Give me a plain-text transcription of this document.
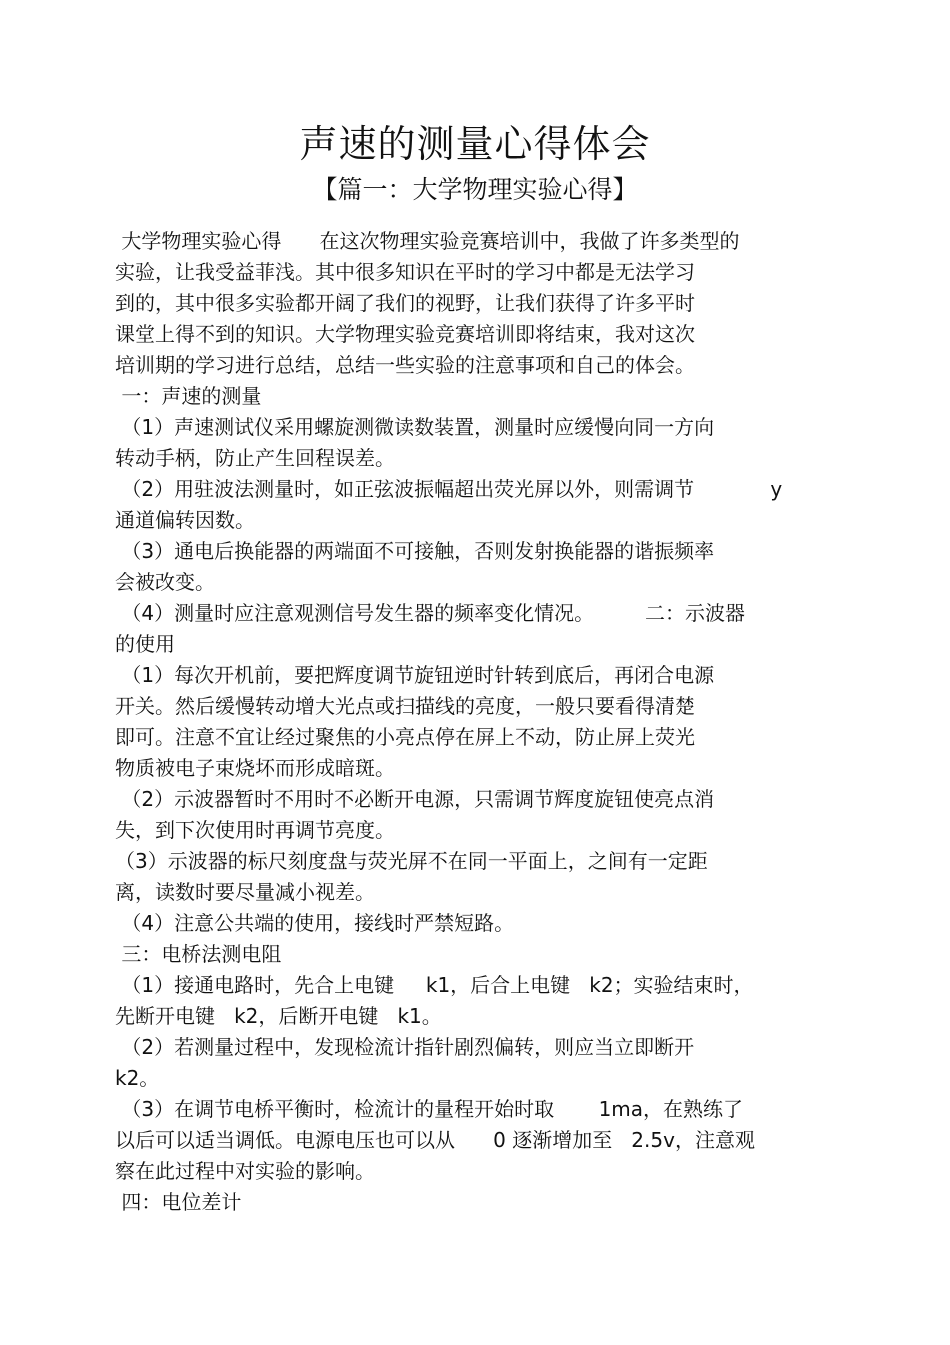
声速的测量心得体会
【篇一：大学物理实验心得】
大学物理实验心得      在这次物理实验竞赛培训中，我做了许多类型的
实验，让我受益菲浅。其中很多知识在平时的学习中都是无法学习
到的，其中很多实验都开阔了我们的视野，让我们获得了许多平时
课堂上得不到的知识。大学物理实验竞赛培训即将结束，我对这次
培训期的学习进行总结，总结一些实验的注意事项和自己的体会。
一：声速的测量
（1）声速测试仪采用螺旋测微读数装置，测量时应缓慢向同一方向
转动手柄，防止产生回程误差。
（2）用驻波法测量时，如正弦波振幅超出荧光屏以外，则需调节            y
通道偏转因数。
（3）通电后换能器的两端面不可接触，否则发射换能器的谐振频率
会被改变。
（4）测量时应注意观测信号发生器的频率变化情况。        二：示波器
的使用
（1）每次开机前，要把辉度调节旋钮逆时针转到底后，再闭合电源
开关。然后缓慢转动增大光点或扫描线的亮度，一般只要看得清楚
即可。注意不宜让经过聚焦的小亮点停在屏上不动，防止屏上荧光
物质被电子束烧坏而形成暗斑。
（2）示波器暂时不用时不必断开电源，只需调节辉度旋钮使亮点消
失，到下次使用时再调节亮度。
（3）示波器的标尺刻度盘与荧光屏不在同一平面上，之间有一定距
离，读数时要尽量减小视差。
（4）注意公共端的使用，接线时严禁短路。
三：电桥法测电阻
（1）接通电路时，先合上电键     k1，后合上电键   k2；实验结束时，
先断开电键   k2，后断开电键   k1。
（2）若测量过程中，发现检流计指针剧烈偏转，则应当立即断开
k2。
（3）在调节电桥平衡时，检流计的量程开始时取       1ma，在熟练了
以后可以适当调低。电源电压也可以从      0 逐渐增加至   2.5v，注意观
察在此过程中对实验的影响。
四：电位差计
